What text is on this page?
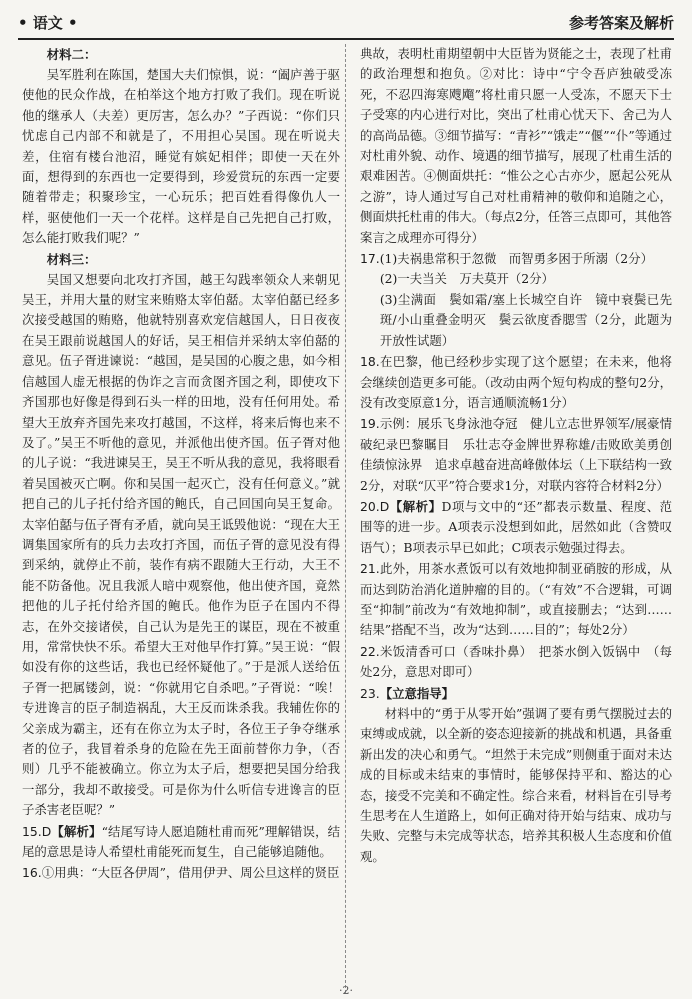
• 语文 •	参考答案及解析
材料二：

吴军胜利在陈国，楚国大夫们惊惧，说：“阖庐善于驱使他的民众作战，在柏举这个地方打败了我们。现在听说他的继承人（夫差）更厉害，怎么办？”子西说：“你们只忧虑自己内部不和就是了，不用担心吴国。现在听说夫差，住宿有楼台池沼，睡觉有嫔妃相伴；即使一天在外面，想得到的东西也一定要得到，珍爱赏玩的东西一定要随着带走；积聚珍宝，一心玩乐；把百姓看得像仇人一样，驱使他们一天一个花样。这样是自己先把自己打败，怎么能打败我们呢？”

材料三：

吴国又想要向北攻打齐国，越王勾践率领众人来朝见吴王，并用大量的财宝来贿赂太宰伯嚭。太宰伯嚭已经多次接受越国的贿赂，他就特别喜欢宠信越国人，日日夜夜在吴王跟前说越国人的好话，吴王相信并采纳太宰伯嚭的意见。伍子胥进谏说：“越国，是吴国的心腹之患，如今相信越国人虚无根据的伪诈之言而贪图齐国之利，即使攻下齐国那也好像是得到石头一样的田地，没有任何用处。希望大王放弃齐国先来攻打越国，不这样，将来后悔也来不及了。”吴王不听他的意见，并派他出使齐国。伍子胥对他的儿子说：“我进谏吴王，吴王不听从我的意见，我将眼看着吴国被灭亡啊。你和吴国一起灭亡，没有任何意义。”就把自己的儿子托付给齐国的鲍氏，自己回国向吴王复命。太宰伯嚭与伍子胥有矛盾，就向吴王诋毁他说：“现在大王调集国家所有的兵力去攻打齐国，而伍子胥的意见没有得到采纳，就停止不前，装作有病不跟随大王行动，大王不能不防备他。况且我派人暗中观察他，他出使齐国，竟然把他的儿子托付给齐国的鲍氏。他作为臣子在国内不得志，在外交接诸侯，自己认为是先王的谋臣，现在不被重用，常常快快不乐。希望大王对他早作打算。”吴王说：“假如没有你的这些话，我也已经怀疑他了。”于是派人送给伍子胥一把属镂剑，说：“你就用它自杀吧。”子胥说：“唉！专进谗言的臣子制造祸乱，大王反而诛杀我。我辅佐你的父亲成为霸主，还有在你立为太子时，各位王子争夺继承者的位子，我冒着杀身的危险在先王面前替你力争，（否则）几乎不能被确立。你立为太子后，想要把吴国分给我一部分，我却不敢接受。可是你为什么听信专进谗言的臣子杀害老臣呢？”

15.D【解析】“结尾写诗人愿追随杜甫而死”理解错误，结尾的意思是诗人希望杜甫能死而复生，自己能够追随他。

16.①用典：“大臣各伊周”，借用伊尹、周公旦这样的贤臣

典故，表明杜甫期望朝中大臣皆为贤能之士，表现了杜甫的政治理想和抱负。②对比：诗中“宁令吾庐独破受冻死，不忍四海寒飕飗”将杜甫只愿一人受冻，不愿天下士子受寒的内心进行对比，突出了杜甫心忧天下、舍己为人的高尚品德。③细节描写：“青衫”“饿走”“偃”“仆”等通过对杜甫外貌、动作、境遇的细节描写，展现了杜甫生活的艰难困苦。④侧面烘托：“惟公之心古亦少，愿起公死从之游”，诗人通过写自己对杜甫精神的敬仰和追随之心，侧面烘托杜甫的伟大。（每点2分，任答三点即可，其他答案言之成理亦可得分）

17.(1)夫祸患常积于忽微　而智勇多困于所溺（2分）

(2)一夫当关　万夫莫开（2分）

(3)尘满面　鬓如霜/塞上长城空自许　镜中衰鬓已先斑/小山重叠金明灭　鬓云欲度香腮雪（2分，此题为开放性试题）

18.在巴黎，他已经秒步实现了这个愿望；在未来，他将会继续创造更多可能。（改动由两个短句构成的整句2分，没有改变原意1分，语言通顺流畅1分）

19.示例：展乐飞身泳池夺冠　健儿立志世界领军/展豪情破纪录巴黎瞩目　乐壮志夺金牌世界称雄/击败欧美勇创佳绩惊泳界　追求卓越奋进高峰傲体坛（上下联结构一致2分，对联“仄平”符合要求1分，对联内容符合材料2分）

20.D【解析】D项与文中的“还”都表示数量、程度、范围等的进一步。A项表示没想到如此，居然如此（含赞叹语气）；B项表示早已如此；C项表示勉强过得去。

21.此外，用茶水煮饭可以有效地抑制亚硝胺的形成，从而达到防治消化道肿瘤的目的。（“有效”不合逻辑，可调至“抑制”前改为“有效地抑制”，或直接删去；“达到……结果”搭配不当，改为“达到……目的”；每处2分）

22.米饭清香可口（香味扑鼻）　把茶水倒入饭锅中　（每处2分，意思对即可）

23.【立意指导】

材料中的“勇于从零开始”强调了要有勇气摆脱过去的束缚或成就，以全新的姿态迎接新的挑战和机遇，具备重新出发的决心和勇气。“坦然于未完成”则侧重于面对未达成的目标或未结束的事情时，能够保持平和、豁达的心态，接受不完美和不确定性。综合来看，材料旨在引导考生思考在人生道路上，如何正确对待开始与结束、成功与失败、完整与未完成等状态，培养其积极人生态度和价值观。

·2·
